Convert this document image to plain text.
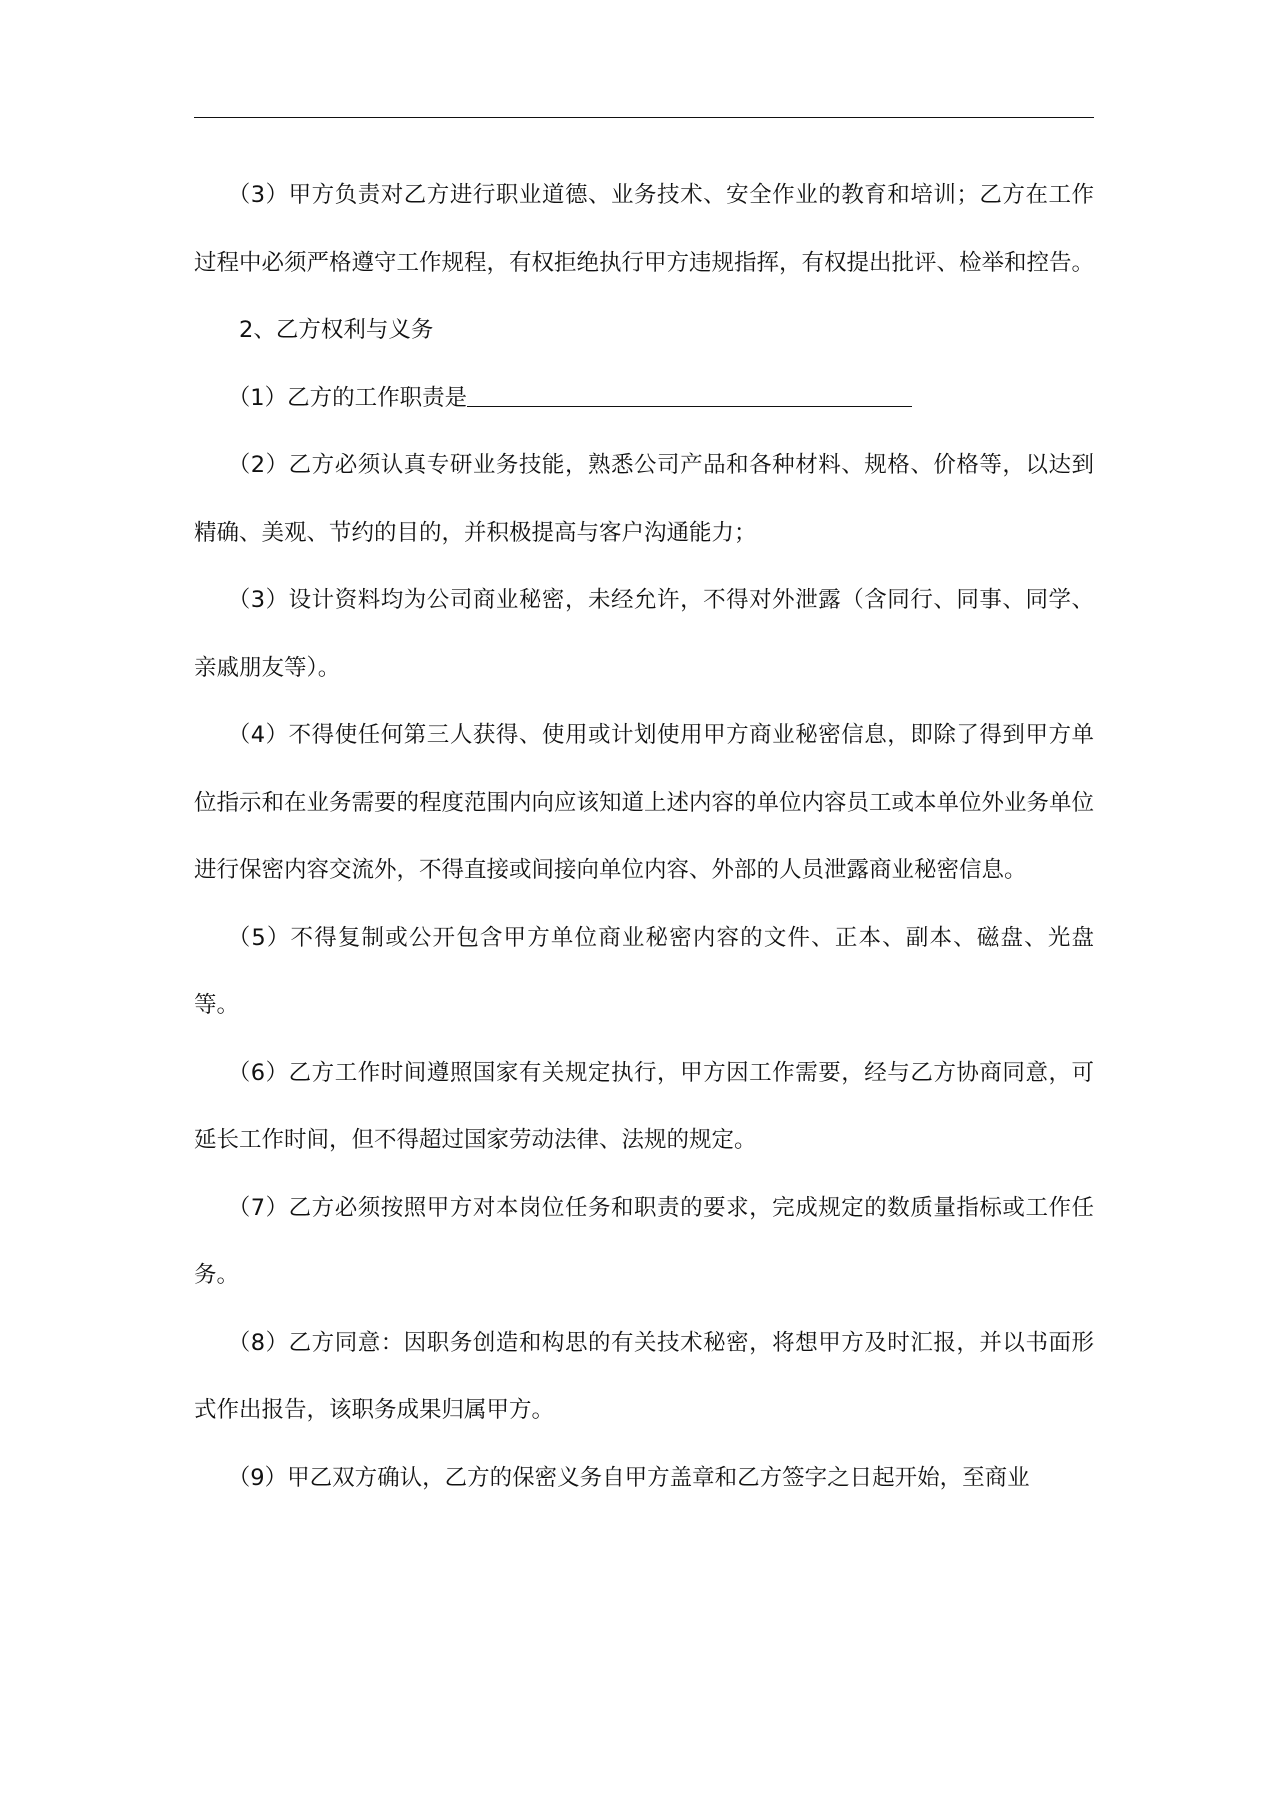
（3）甲方负责对乙方进行职业道德、业务技术、安全作业的教育和培训；乙方在工作过程中必须严格遵守工作规程，有权拒绝执行甲方违规指挥，有权提出批评、检举和控告。

2、乙方权利与义务

（1）乙方的工作职责是

（2）乙方必须认真专研业务技能，熟悉公司产品和各种材料、规格、价格等，以达到精确、美观、节约的目的，并积极提高与客户沟通能力；

（3）设计资料均为公司商业秘密，未经允许，不得对外泄露（含同行、同事、同学、亲戚朋友等）。

（4）不得使任何第三人获得、使用或计划使用甲方商业秘密信息，即除了得到甲方单位指示和在业务需要的程度范围内向应该知道上述内容的单位内容员工或本单位外业务单位进行保密内容交流外，不得直接或间接向单位内容、外部的人员泄露商业秘密信息。

（5）不得复制或公开包含甲方单位商业秘密内容的文件、正本、副本、磁盘、光盘等。

（6）乙方工作时间遵照国家有关规定执行，甲方因工作需要，经与乙方协商同意，可延长工作时间，但不得超过国家劳动法律、法规的规定。

（7）乙方必须按照甲方对本岗位任务和职责的要求，完成规定的数质量指标或工作任务。

（8）乙方同意：因职务创造和构思的有关技术秘密，将想甲方及时汇报，并以书面形式作出报告，该职务成果归属甲方。

（9）甲乙双方确认，乙方的保密义务自甲方盖章和乙方签字之日起开始，至商业
